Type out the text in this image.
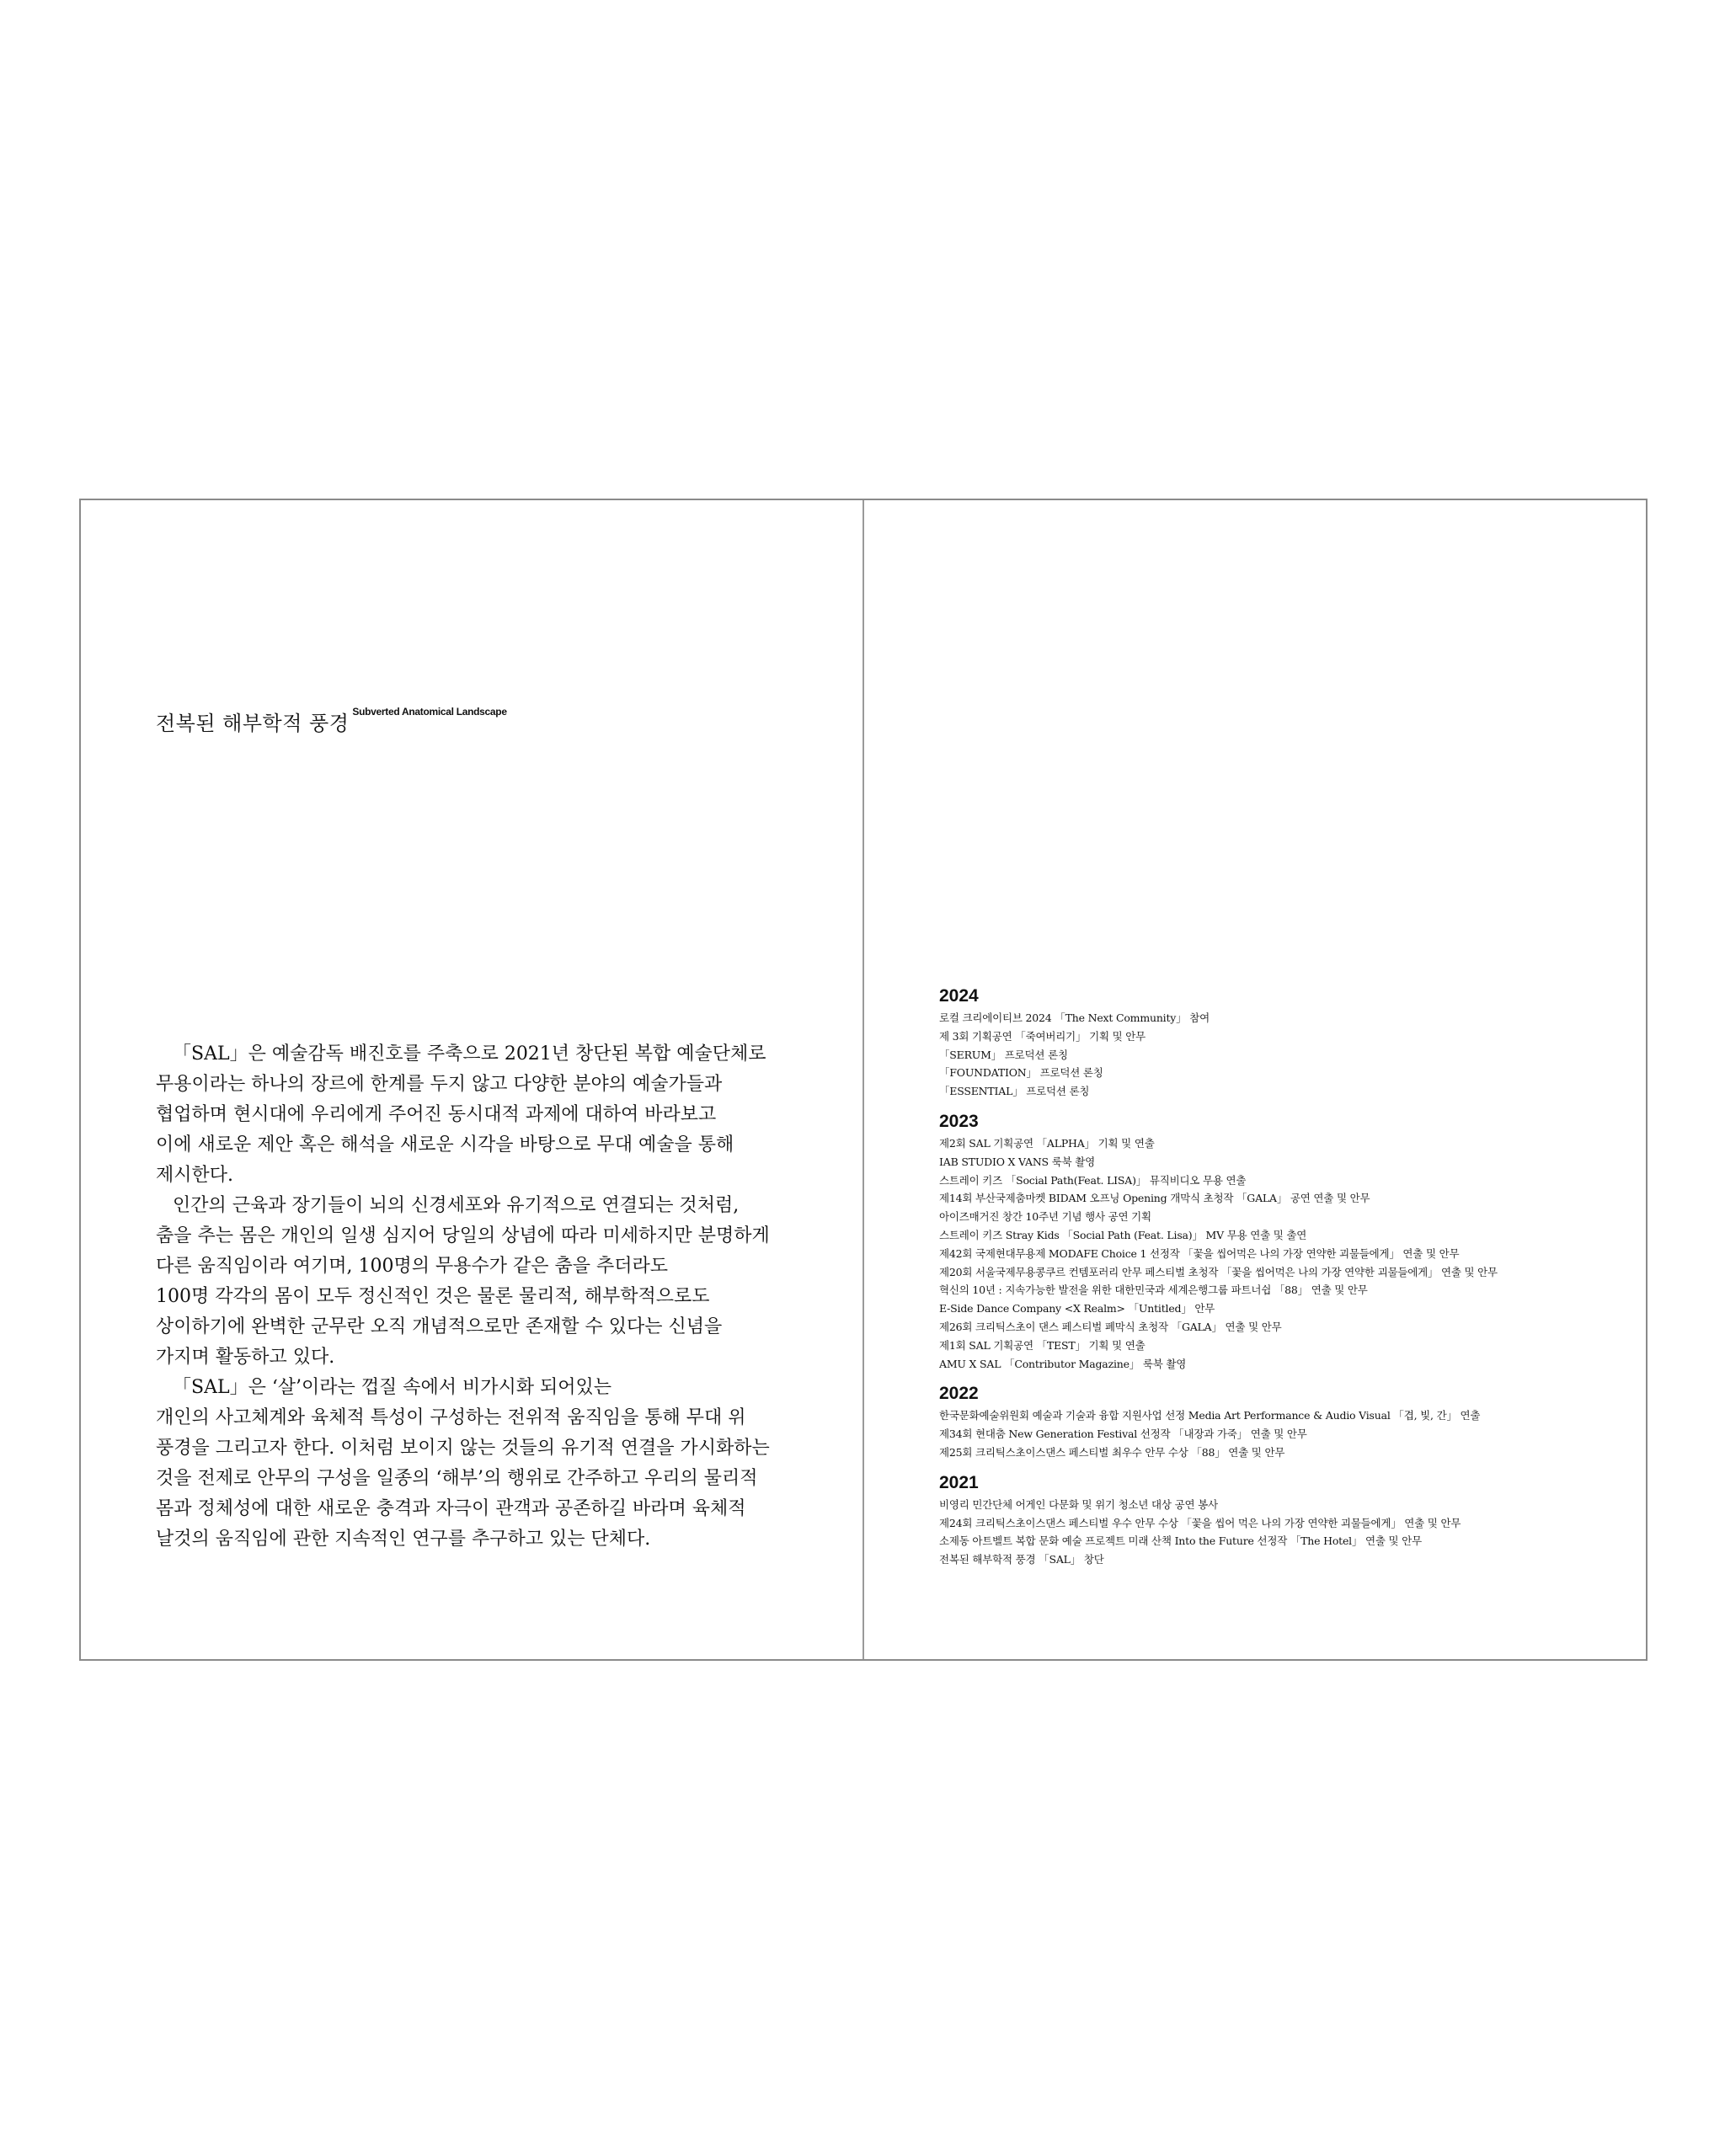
전복된 해부학적 풍경 $^{Subverted Anatomical Landscape}$
「SAL」은 예술감독 배진호를 주축으로 2021년 창단된 복합 예술단체로
무용이라는 하나의 장르에 한계를 두지 않고 다양한 분야의 예술가들과
협업하며 현시대에 우리에게 주어진 동시대적 과제에 대하여 바라보고
이에 새로운 제안 혹은 해석을 새로운 시각을 바탕으로 무대 예술을 통해
제시한다.
인간의 근육과 장기들이 뇌의 신경세포와 유기적으로 연결되는 것처럼,
춤을 추는 몸은 개인의 일생 심지어 당일의 상념에 따라 미세하지만 분명하게
다른 움직임이라 여기며, 100명의 무용수가 같은 춤을 추더라도
100명 각각의 몸이 모두 정신적인 것은 물론 물리적, 해부학적으로도
상이하기에 완벽한 군무란 오직 개념적으로만 존재할 수 있다는 신념을
가지며 활동하고 있다.
「SAL」은 ‘살’이라는 껍질 속에서 비가시화 되어있는
개인의 사고체계와 육체적 특성이 구성하는 전위적 움직임을 통해 무대 위
풍경을 그리고자 한다. 이처럼 보이지 않는 것들의 유기적 연결을 가시화하는
것을 전제로 안무의 구성을 일종의 ‘해부’의 행위로 간주하고 우리의 물리적
몸과 정체성에 대한 새로운 충격과 자극이 관객과 공존하길 바라며 육체적
날것의 움직임에 관한 지속적인 연구를 추구하고 있는 단체다.
2024
로컬 크리에이티브 2024 「The Next Community」 참여
제 3회 기획공연 「죽여버리기」 기획 및 안무
「SERUM」 프로덕션 론칭
「FOUNDATION」 프로덕션 론칭
「ESSENTIAL」 프로덕션 론칭
2023
제2회 SAL 기획공연 「ALPHA」 기획 및 연출
IAB STUDIO X VANS 룩북 촬영
스트레이 키즈 「Social Path(Feat. LISA)」 뮤직비디오 무용 연출
제14회 부산국제춤마켓 BIDAM 오프닝 Opening 개막식 초청작 「GALA」 공연 연출 및 안무
아이즈매거진 창간 10주년 기념 행사 공연 기획
스트레이 키즈 Stray Kids 「Social Path (Feat. Lisa)」 MV 무용 연출 및 출연
제42회 국제현대무용제 MODAFE Choice 1 선정작 「꽃을 씹어먹은 나의 가장 연약한 괴물들에게」 연출 및 안무
제20회 서울국제무용콩쿠르 컨템포러리 안무 페스티벌 초청작 「꽃을 씹어먹은 나의 가장 연약한 괴물들에게」 연출 및 안무
혁신의 10년 : 지속가능한 발전을 위한 대한민국과 세계은행그룹 파트너쉽 「88」 연출 및 안무
E-Side Dance Company <X Realm> 「Untitled」 안무
제26회 크리틱스초이 댄스 페스티벌 폐막식 초청작 「GALA」 연출 및 안무
제1회 SAL 기획공연 「TEST」 기획 및 연출
AMU X SAL 「Contributor Magazine」 룩북 촬영
2022
한국문화예술위원회 예술과 기술과 융합 지원사업 선정 Media Art Performance & Audio Visual 「겹, 빛, 간」 연출
제34회 현대춤 New Generation Festival 선정작 「내장과 가죽」 연출 및 안무
제25회 크리틱스초이스댄스 페스티벌 최우수 안무 수상 「88」 연출 및 안무
2021
비영리 민간단체 어게인 다문화 및 위기 청소년 대상 공연 봉사
제24회 크리틱스초이스댄스 페스티벌 우수 안무 수상 「꽃을 씹어 먹은 나의 가장 연약한 괴물들에게」 연출 및 안무
소제동 아트벨트 복합 문화 예술 프로젝트 미래 산책 Into the Future 선정작 「The Hotel」 연출 및 안무
전복된 해부학적 풍경 「SAL」 창단
